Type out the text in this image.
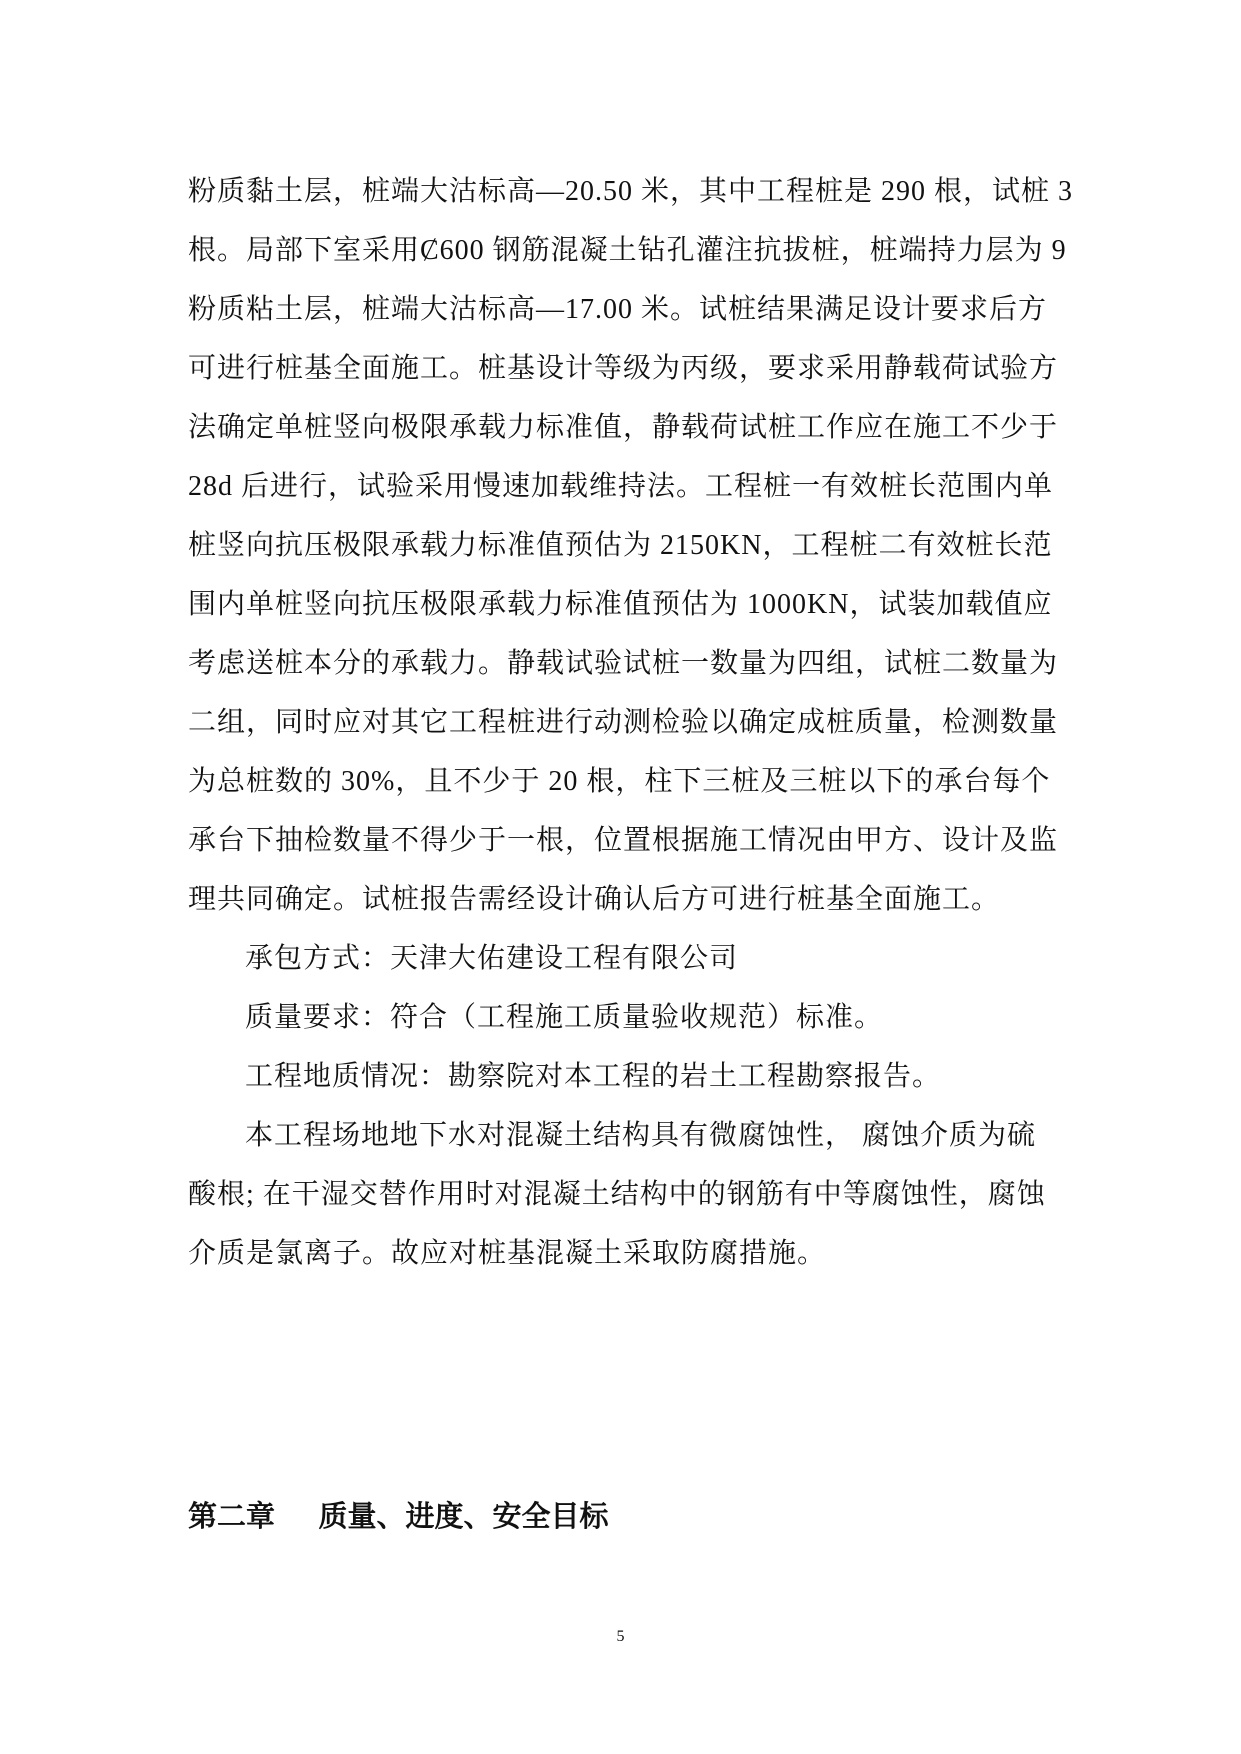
粉质黏土层，桩端大沽标高—20.50 米，其中工程桩是 290 根，试桩 3
根。局部下室采用Ȼ600 钢筋混凝土钻孔灌注抗拔桩，桩端持力层为 9
粉质粘土层，桩端大沽标高—17.00 米。试桩结果满足设计要求后方
可进行桩基全面施工。桩基设计等级为丙级，要求采用静载荷试验方
法确定单桩竖向极限承载力标准值，静载荷试桩工作应在施工不少于
28d 后进行，试验采用慢速加载维持法。工程桩一有效桩长范围内单
桩竖向抗压极限承载力标准值预估为 2150KN，工程桩二有效桩长范
围内单桩竖向抗压极限承载力标准值预估为 1000KN，试装加载值应
考虑送桩本分的承载力。静载试验试桩一数量为四组，试桩二数量为
二组，同时应对其它工程桩进行动测检验以确定成桩质量，检测数量
为总桩数的 30%，且不少于 20 根，柱下三桩及三桩以下的承台每个
承台下抽检数量不得少于一根，位置根据施工情况由甲方、设计及监
理共同确定。试桩报告需经设计确认后方可进行桩基全面施工。
承包方式：天津大佑建设工程有限公司
质量要求：符合（工程施工质量验收规范）标准。
工程地质情况：勘察院对本工程的岩土工程勘察报告。
本工程场地地下水对混凝土结构具有微腐蚀性， 腐蚀介质为硫
酸根; 在干湿交替作用时对混凝土结构中的钢筋有中等腐蚀性，腐蚀
介质是氯离子。故应对桩基混凝土采取防腐措施。
第二章      质量、进度、安全目标
5
